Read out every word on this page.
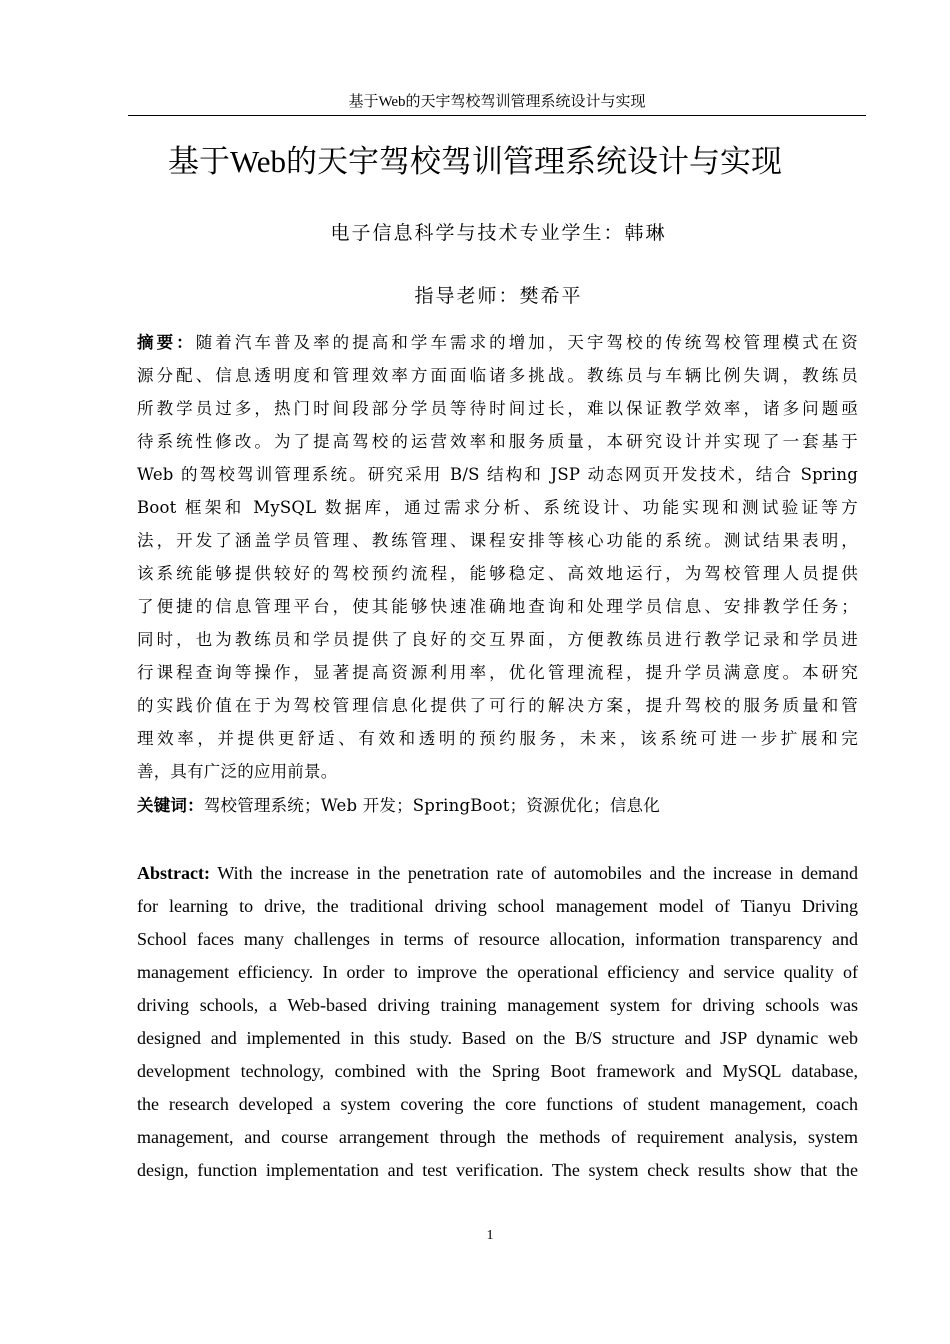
基于Web的天宇驾校驾训管理系统设计与实现
基于Web的天宇驾校驾训管理系统设计与实现
电子信息科学与技术专业学生：韩琳
指导老师：樊希平
摘要：随着汽车普及率的提高和学车需求的增加，天宇驾校的传统驾校管理模式在资
源分配、信息透明度和管理效率方面面临诸多挑战。教练员与车辆比例失调，教练员
所教学员过多，热门时间段部分学员等待时间过长，难以保证教学效率，诸多问题亟
待系统性修改。为了提高驾校的运营效率和服务质量，本研究设计并实现了一套基于
Web 的驾校驾训管理系统。研究采用 B/S 结构和 JSP 动态网页开发技术，结合 Spring
Boot 框架和 MySQL 数据库，通过需求分析、系统设计、功能实现和测试验证等方
法，开发了涵盖学员管理、教练管理、课程安排等核心功能的系统。测试结果表明，
该系统能够提供较好的驾校预约流程，能够稳定、高效地运行，为驾校管理人员提供
了便捷的信息管理平台，使其能够快速准确地查询和处理学员信息、安排教学任务；
同时，也为教练员和学员提供了良好的交互界面，方便教练员进行教学记录和学员进
行课程查询等操作，显著提高资源利用率，优化管理流程，提升学员满意度。本研究
的实践价值在于为驾校管理信息化提供了可行的解决方案，提升驾校的服务质量和管
理效率，并提供更舒适、有效和透明的预约服务，未来，该系统可进一步扩展和完
善，具有广泛的应用前景。
关键词：驾校管理系统；Web 开发；SpringBoot；资源优化；信息化
Abstract: With the increase in the penetration rate of automobiles and the increase in demand
for learning to drive, the traditional driving school management model of Tianyu Driving
School faces many challenges in terms of resource allocation, information transparency and
management efficiency. In order to improve the operational efficiency and service quality of
driving schools, a Web-based driving training management system for driving schools was
designed and implemented in this study. Based on the B/S structure and JSP dynamic web
development technology, combined with the Spring Boot framework and MySQL database,
the research developed a system covering the core functions of student management, coach
management, and course arrangement through the methods of requirement analysis, system
design, function implementation and test verification. The system check results show that the
1
